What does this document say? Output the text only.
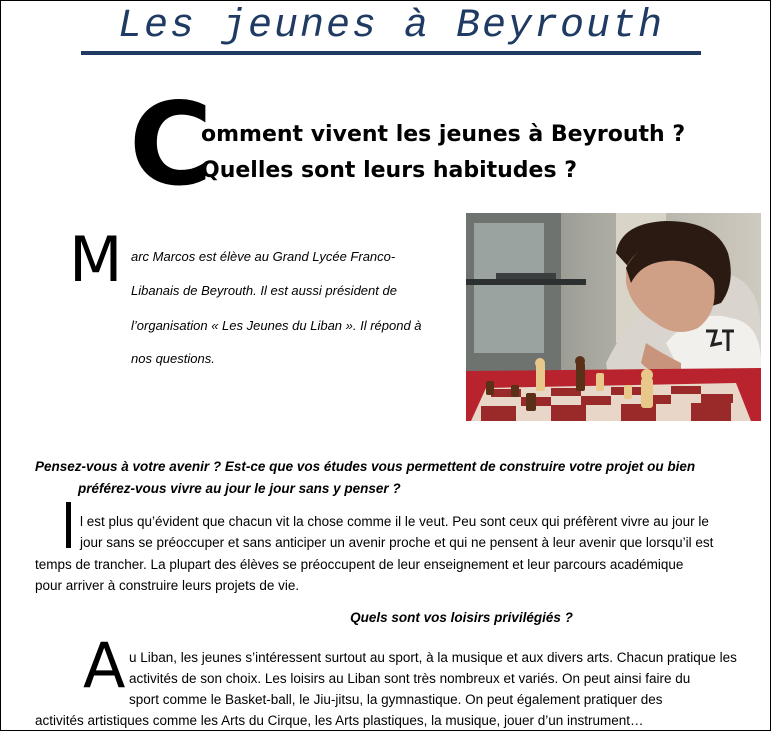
Les jeunes à Beyrouth
C
omment vivent les jeunes à Beyrouth ?
Quelles sont leurs habitudes ?
M arc Marcos est élève au Grand Lycée Franco-
Libanais de Beyrouth. Il est aussi président de
l’organisation « Les Jeunes du Liban ». Il répond à
nos questions.
Pensez-vous à votre avenir ? Est-ce que vos études vous permettent de construire votre projet ou bien
préférez-vous vivre au jour le jour sans y penser ?
l est plus qu’évident que chacun vit la chose comme il le veut. Peu sont ceux qui préfèrent vivre au jour le
jour sans se préoccuper et sans anticiper un avenir proche et qui ne pensent à leur avenir que lorsqu’il est
temps de trancher. La plupart des élèves se préoccupent de leur enseignement et leur parcours académique
pour arriver à construire leurs projets de vie.
Quels sont vos loisirs privilégiés ?
A u Liban, les jeunes s’intéressent surtout au sport, à la musique et aux divers arts. Chacun pratique les
activités de son choix. Les loisirs au Liban sont très nombreux et variés. On peut ainsi faire du
sport comme le Basket-ball, le Jiu-jitsu, la gymnastique. On peut également pratiquer des
activités artistiques comme les Arts du Cirque, les Arts plastiques, la musique, jouer d’un instrument…
